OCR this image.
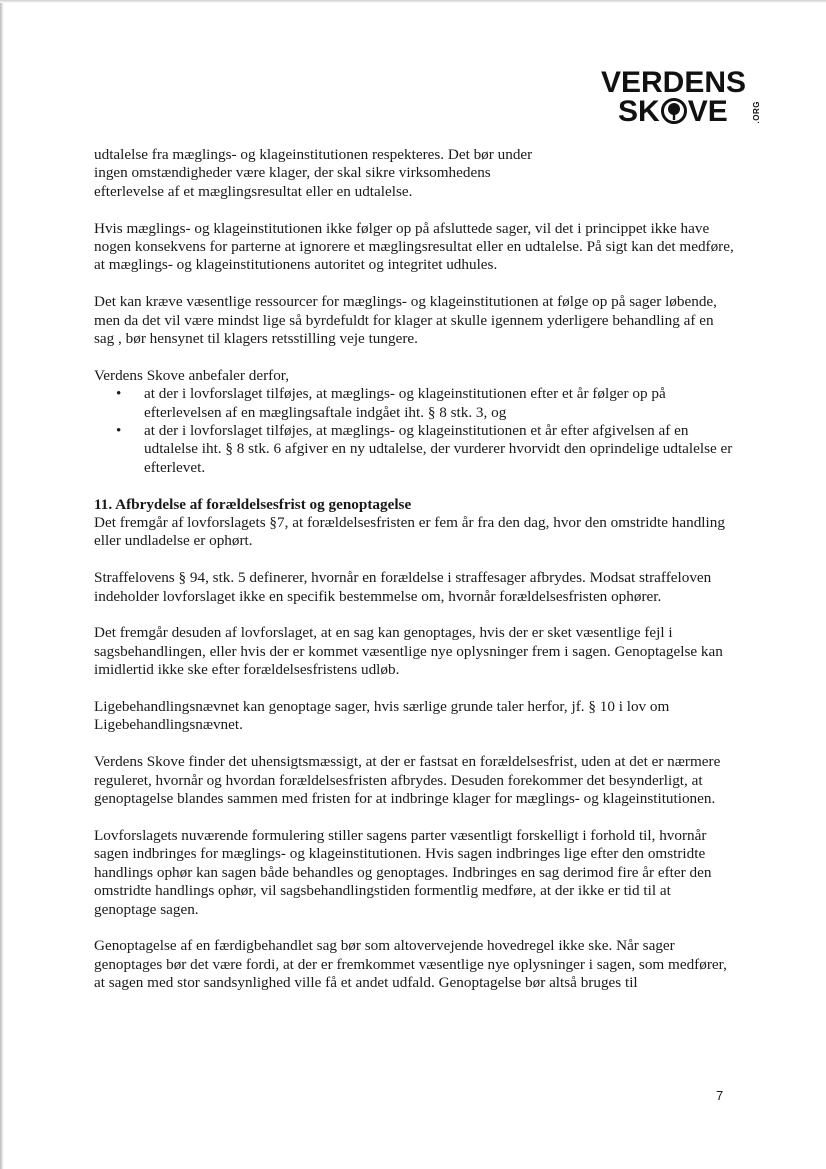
VERDENS
SK VE	.ORG

udtalelse fra mæglings- og klageinstitutionen respekteres. Det bør under ingen omstændigheder være klager, der skal sikre virksomhedens efterlevelse af et mæglingsresultat eller en udtalelse.

Hvis mæglings- og klageinstitutionen ikke følger op på afsluttede sager, vil det i princippet ikke have nogen konsekvens for parterne at ignorere et mæglingsresultat eller en udtalelse. På sigt kan det medføre, at mæglings- og klageinstitutionens autoritet og integritet udhules.

Det kan kræve væsentlige ressourcer for mæglings- og klageinstitutionen at følge op på sager løbende, men da det vil være mindst lige så byrdefuldt for klager at skulle igennem yderligere behandling af en sag , bør hensynet til klagers retsstilling veje tungere.

Verdens Skove anbefaler derfor,
• at der i lovforslaget tilføjes, at mæglings- og klageinstitutionen efter et år følger op på efterlevelsen af en mæglingsaftale indgået iht. § 8 stk. 3, og
• at der i lovforslaget tilføjes, at mæglings- og klageinstitutionen et år efter afgivelsen af en udtalelse iht. § 8 stk. 6 afgiver en ny udtalelse, der vurderer hvorvidt den oprindelige udtalelse er efterlevet.
11. Afbrydelse af forældelsesfrist og genoptagelse

Det fremgår af lovforslagets §7, at forældelsesfristen er fem år fra den dag, hvor den omstridte handling eller undladelse er ophørt.

Straffelovens § 94, stk. 5 definerer, hvornår en forældelse i straffesager afbrydes. Modsat straffeloven indeholder lovforslaget ikke en specifik bestemmelse om, hvornår forældelsesfristen ophører.

Det fremgår desuden af lovforslaget, at en sag kan genoptages, hvis der er sket væsentlige fejl i sagsbehandlingen, eller hvis der er kommet væsentlige nye oplysninger frem i sagen. Genoptagelse kan imidlertid ikke ske efter forældelsesfristens udløb.

Ligebehandlingsnævnet kan genoptage sager, hvis særlige grunde taler herfor, jf. § 10 i lov om Ligebehandlingsnævnet.

Verdens Skove finder det uhensigtsmæssigt, at der er fastsat en forældelsesfrist, uden at det er nærmere reguleret, hvornår og hvordan forældelsesfristen afbrydes. Desuden forekommer det besynderligt, at genoptagelse blandes sammen med fristen for at indbringe klager for mæglings- og klageinstitutionen.

Lovforslagets nuværende formulering stiller sagens parter væsentligt forskelligt i forhold til, hvornår sagen indbringes for mæglings- og klageinstitutionen. Hvis sagen indbringes lige efter den omstridte handlings ophør kan sagen både behandles og genoptages. Indbringes en sag derimod fire år efter den omstridte handlings ophør, vil sagsbehandlingstiden formentlig medføre, at der ikke er tid til at genoptage sagen.

Genoptagelse af en færdigbehandlet sag bør som altovervejende hovedregel ikke ske. Når sager genoptages bør det være fordi, at der er fremkommet væsentlige nye oplysninger i sagen, som medfører, at sagen med stor sandsynlighed ville få et andet udfald. Genoptagelse bør altså bruges til

7
